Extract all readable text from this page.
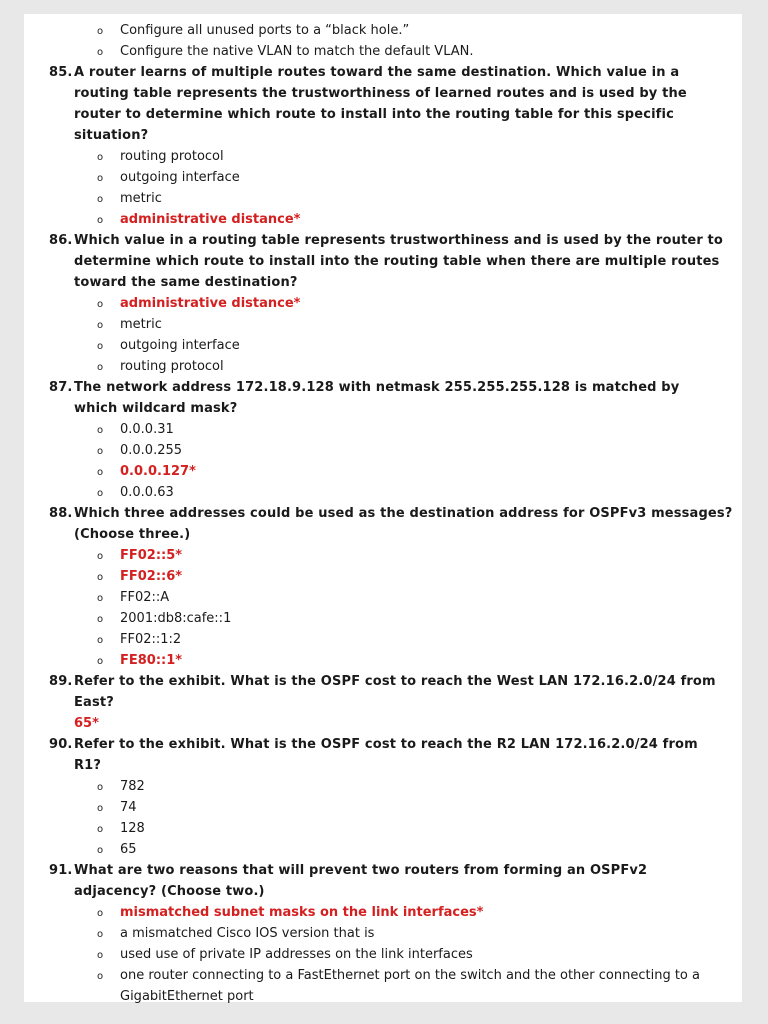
o Configure all unused ports to a “black hole.”
o Configure the native VLAN to match the default VLAN.
85. A router learns of multiple routes toward the same destination. Which value in a
routing table represents the trustworthiness of learned routes and is used by the
router to determine which route to install into the routing table for this specific
situation?
o routing protocol
o outgoing interface
o metric
o administrative distance*
86. Which value in a routing table represents trustworthiness and is used by the router to
determine which route to install into the routing table when there are multiple routes
toward the same destination?
o administrative distance*
o metric
o outgoing interface
o routing protocol
87. The network address 172.18.9.128 with netmask 255.255.255.128 is matched by
which wildcard mask?
o 0.0.0.31
o 0.0.0.255
o 0.0.0.127*
o 0.0.0.63
88. Which three addresses could be used as the destination address for OSPFv3 messages?
(Choose three.)
o FF02::5*
o FF02::6*
o FF02::A
o 2001:db8:cafe::1
o FF02::1:2
o FE80::1*
89. Refer to the exhibit. What is the OSPF cost to reach the West LAN 172.16.2.0/24 from
East?
65*
90. Refer to the exhibit. What is the OSPF cost to reach the R2 LAN 172.16.2.0/24 from
R1?
o 782
o 74
o 128
o 65
91. What are two reasons that will prevent two routers from forming an OSPFv2
adjacency? (Choose two.)
o mismatched subnet masks on the link interfaces*
o a mismatched Cisco IOS version that is
o used use of private IP addresses on the link interfaces
o one router connecting to a FastEthernet port on the switch and the other connecting to a
GigabitEthernet port
